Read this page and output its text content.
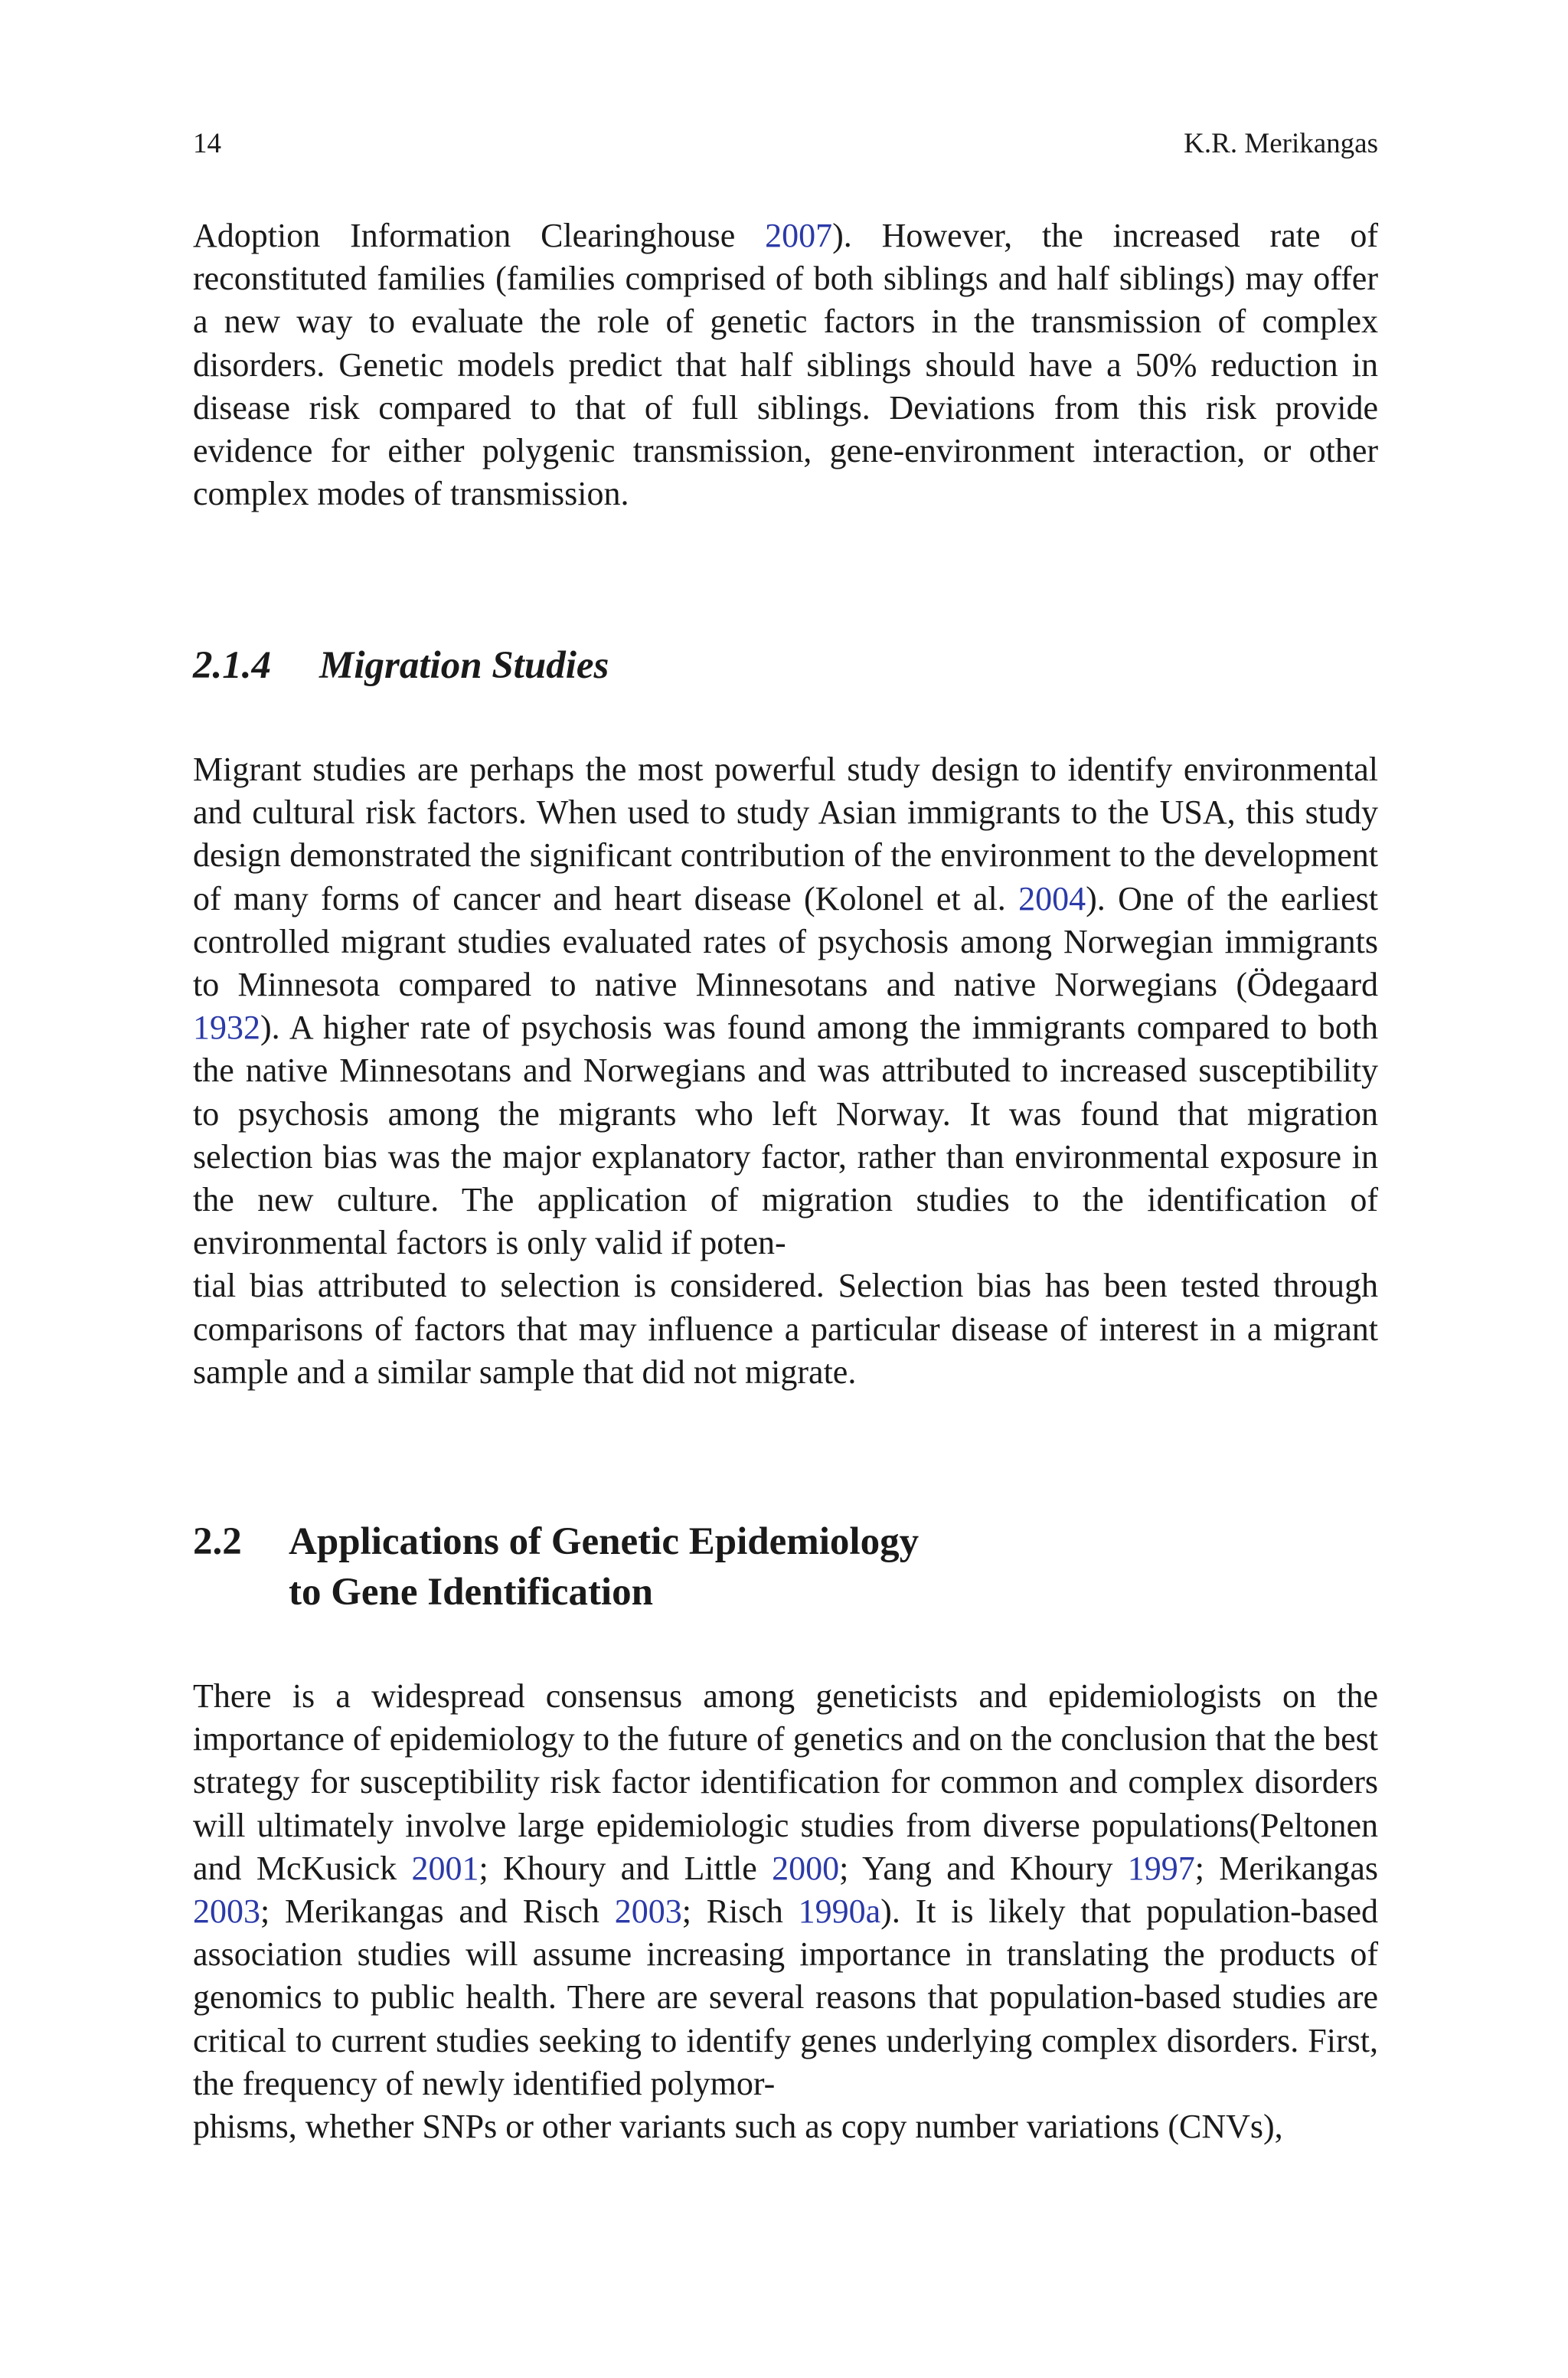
14	K.R. Merikangas

Adoption Information Clearinghouse 2007). However, the increased rate of reconstituted families (families comprised of both siblings and half siblings) may offer a new way to evaluate the role of genetic factors in the transmission of complex disorders. Genetic models predict that half siblings should have a 50% reduction in disease risk compared to that of full siblings. Deviations from this risk provide evidence for either polygenic transmission, gene-environment interaction, or other complex modes of transmission.

2.1.4 Migration Studies

Migrant studies are perhaps the most powerful study design to identify environmental and cultural risk factors. When used to study Asian immigrants to the USA, this study design demonstrated the significant contribution of the environment to the development of many forms of cancer and heart disease (Kolonel et al. 2004). One of the earliest controlled migrant studies evaluated rates of psychosis among Norwegian immigrants to Minnesota compared to native Minnesotans and native Norwegians (Ödegaard 1932). A higher rate of psychosis was found among the immigrants compared to both the native Minnesotans and Norwegians and was attributed to increased susceptibility to psychosis among the migrants who left Norway. It was found that migration selection bias was the major explanatory factor, rather than environmental exposure in the new culture. The application of migration studies to the identification of environmental factors is only valid if poten-
tial bias attributed to selection is considered. Selection bias has been tested through comparisons of factors that may influence a particular disease of interest in a migrant sample and a similar sample that did not migrate.

2.2 Applications of Genetic Epidemiology
to Gene Identification

There is a widespread consensus among geneticists and epidemiologists on the importance of epidemiology to the future of genetics and on the conclusion that the best strategy for susceptibility risk factor identification for common and complex disorders will ultimately involve large epidemiologic studies from diverse populations(Peltonen and McKusick 2001; Khoury and Little 2000; Yang and Khoury 1997; Merikangas 2003; Merikangas and Risch 2003; Risch 1990a). It is likely that population-based association studies will assume increasing importance in translating the products of genomics to public health. There are several reasons that population-based studies are critical to current studies seeking to identify genes underlying complex disorders. First, the frequency of newly identified polymor-
phisms, whether SNPs or other variants such as copy number variations (CNVs),
